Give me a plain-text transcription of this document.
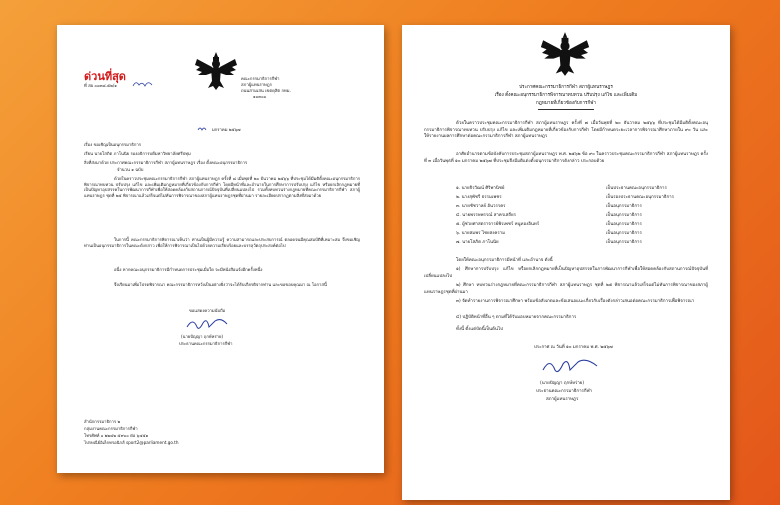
ด่วนที่สุด
ที่ สผ ๐๐๓๘.๕๒/๑
คณะกรรมาธิการกีฬา
สภาผู้แทนราษฎร
ถนนสามเสน เขตดุสิต กทม.
๑๐๓๐๐
มกราคม ๒๕๖๗
เรื่อง ขอเชิญเป็นอนุกรรมาธิการ
เรียน นายโสภิต ภาโนนิย รองอธิการบดีมหาวิทยาลัยศรีปทุม
สิ่งที่ส่งมาด้วย ประกาศคณะกรรมาธิการกีฬา สภาผู้แทนราษฎร เรื่อง ตั้งคณะอนุกรรมาธิการ
จำนวน ๑ ฉบับ
ด้วยในคราวประชุมคณะกรรมาธิการกีฬา สภาผู้แทนราษฎร ครั้งที่ ๘ เมื่อพุธที่ ๒๐ ธันวาคม ๒๕๖๖ ที่ประชุมได้มีมติตั้งคณะอนุกรรมาธิการพิจารณาทบทวน ปรับปรุง แก้ไข และเพิ่มเติมกฎหมายที่เกี่ยวข้องกับการกีฬา โดยมีหน้าที่และอำนาจในการศึกษาการปรับปรุง แก้ไข หรือยกเลิกกฎหมายที่เป็นปัญหาอุปสรรคในการพัฒนาการกีฬาเพื่อให้สอดคล้องกับสถานการณ์ปัจจุบันที่เปลี่ยนแปลงไป รวมทั้งทบทวนร่างกฎหมายที่คณะกรรมาธิการกีฬา สภาผู้แทนราษฎร ชุดที่ ๒๕ พิจารณาแล้วเสร็จแต่ไม่ทันการพิจารณาของสภาผู้แทนราษฎรชุดที่ผ่านมา รายละเอียดปรากฏตามสิ่งที่ส่งมาด้วย
ในการนี้ คณะกรรมาธิการพิจารณาเห็นว่า ท่านเป็นผู้มีความรู้ ความสามารถและประสบการณ์ ตลอดจนมีคุณสมบัติที่เหมาะสม จึงขอเชิญท่านเป็นอนุกรรมาธิการในคณะดังกล่าว เพื่อให้การพิจารณาเป็นไปด้วยความเรียบร้อยและบรรลุวัตถุประสงค์ต่อไป
อนึ่ง หากคณะอนุกรรมาธิการมีกำหนดการประชุมเมื่อใด จะมีหนังสือแจ้งอีกครั้งหนึ่ง
จึงเรียนมาเพื่อโปรดพิจารณา คณะกรรมาธิการหวังเป็นอย่างยิ่งว่าจะได้รับเกียรติจากท่าน และขอขอบคุณมา ณ โอกาสนี้
ขอแสดงความนับถือ
(นายปัญญา ฤกษ์หร่าย)
ประธานคณะกรรมาธิการกีฬา
สำนักกรรมาธิการ ๒
กลุ่มงานคณะกรรมาธิการกีฬา
โทรศัพท์ ๐ ๒๒๔๒ ๕๙๐๐ ต่อ ๖๔๕๑
ไปรษณีย์อิเล็กทรอนิกส์ sport2@parliament.go.th
ประกาศคณะกรรมาธิการกีฬา สภาผู้แทนราษฎร
เรื่อง ตั้งคณะอนุกรรมาธิการพิจารณาทบทวน ปรับปรุง แก้ไข และเพิ่มเติม
กฎหมายที่เกี่ยวข้องกับการกีฬา
ด้วยในคราวประชุมคณะกรรมาธิการกีฬา สภาผู้แทนราษฎร ครั้งที่ ๗ เมื่อวันพุธที่ ๒๐ ธันวาคม ๒๕๖๖ ที่ประชุมได้มีมติตั้งคณะอนุกรรมาธิการพิจารณาทบทวน ปรับปรุง แก้ไข และเพิ่มเติมกฎหมายที่เกี่ยวข้องกับการกีฬา โดยมีกำหนดระยะเวลาการพิจารณาศึกษาภายใน ๙๐ วัน และให้รายงานผลการศึกษาต่อคณะกรรมาธิการกีฬา สภาผู้แทนราษฎร
อาศัยอำนาจตามข้อบังคับการประชุมสภาผู้แทนราษฎร พ.ศ. ๒๕๖๒ ข้อ ๙๐ ในคราวประชุมคณะกรรมาธิการกีฬา สภาผู้แทนราษฎร ครั้งที่ ๓ เมื่อวันพุธที่ ๑๐ มกราคม ๒๕๖๗ ที่ประชุมจึงมีมติแต่งตั้งอนุกรรมาธิการดังกล่าว ประกอบด้วย
๑. นายจิรวัฒน์ ศิริพานิชย์	เป็นประธานคณะอนุกรรมาธิการ
๒. นางสุพัชรี ธรรมเพชร	เป็นรองประธานคณะอนุกรรมาธิการ
๓. นายชัชวาลย์ อันวรรคร	เป็นอนุกรรมาธิการ
๔. นายพรรษพรรณ์ สาครเสถียร	เป็นอนุกรรมาธิการ
๕. ผู้ช่วยศาสตราจารย์พิรเพชร์ หนูทองอินทร์	เป็นอนุกรรมาธิการ
๖. นายสมพร ไชยสงคราม	เป็นอนุกรรมาธิการ
๗. นายโสภิต ภาโนนิย	เป็นอนุกรรมาธิการ
โดยให้คณะอนุกรรมาธิการมีหน้าที่ และอำนาจ ดังนี้
๑) ศึกษาการปรับปรุง แก้ไข หรือยกเลิกกฎหมายที่เป็นปัญหาอุปสรรคในการพัฒนาการกีฬาเพื่อให้สอดคล้องกับสถานการณ์ปัจจุบันที่เปลี่ยนแปลงไป
๒) ศึกษา ทบทวนร่างกฎหมายที่คณะกรรมาธิการกีฬา สภาผู้แทนราษฎร ชุดที่ ๒๕ พิจารณาแล้วเสร็จแต่ไม่ทันการพิจารณาของสภาผู้แทนราษฎรชุดที่ผ่านมา
๓) จัดทำรายงานการพิจารณาศึกษา พร้อมข้อสังเกตและข้อเสนอแนะเกี่ยวกับเรื่องดังกล่าวเสนอต่อคณะกรรมาธิการเพื่อพิจารณา
๔) ปฏิบัติหน้าที่อื่น ๆ ตามที่ได้รับมอบหมายจากคณะกรรมาธิการ
ทั้งนี้ ตั้งแต่บัดนี้เป็นต้นไป
ประกาศ ณ วันที่ ๑๐ มกราคม พ.ศ. ๒๕๖๗
(นายปัญญา ฤกษ์หร่าย)
ประธานคณะกรรมาธิการกีฬา
สภาผู้แทนราษฎร
